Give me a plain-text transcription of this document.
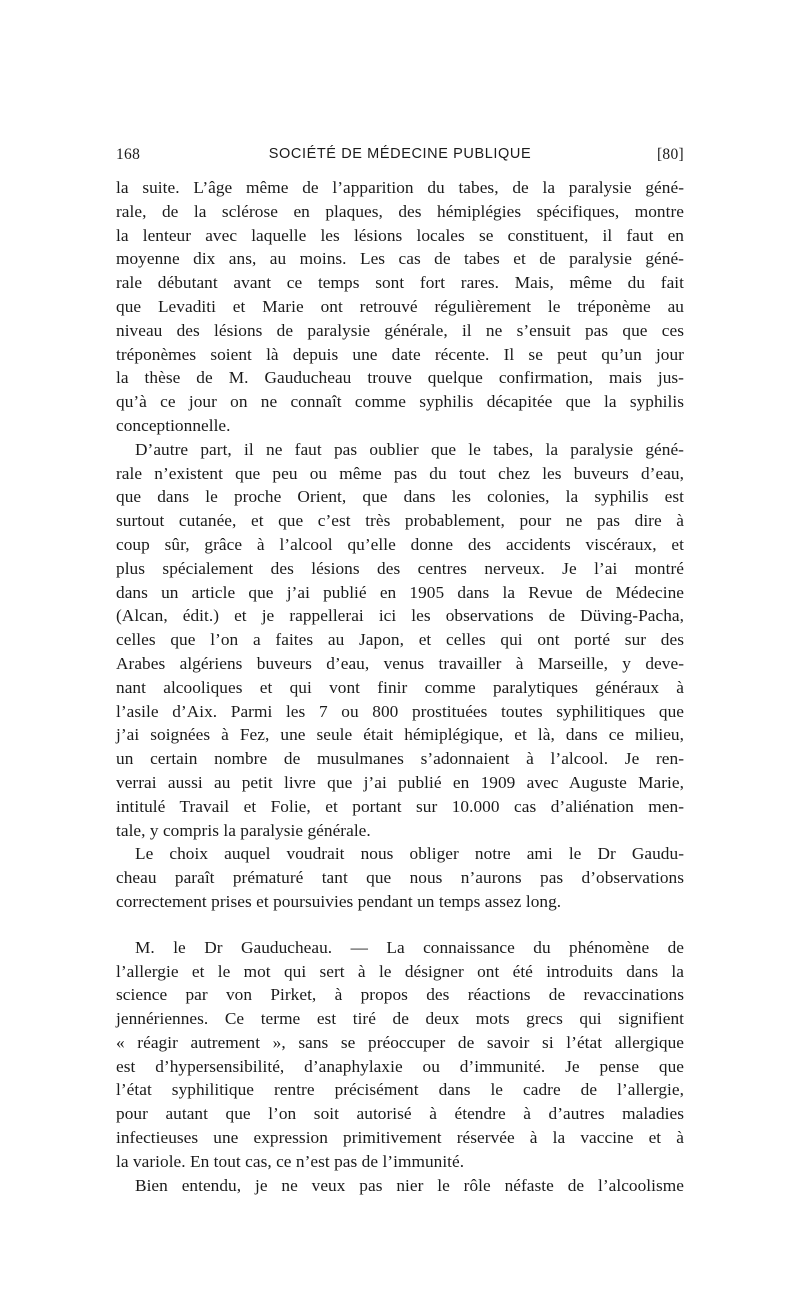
168	SOCIÉTÉ DE MÉDECINE PUBLIQUE	[80]

la suite. L’âge même de l’apparition du tabes, de la paralysie géné-
rale, de la sclérose en plaques, des hémiplégies spécifiques, montre
la lenteur avec laquelle les lésions locales se constituent, il faut en
moyenne dix ans, au moins. Les cas de tabes et de paralysie géné-
rale débutant avant ce temps sont fort rares. Mais, même du fait
que Levaditi et Marie ont retrouvé régulièrement le tréponème au
niveau des lésions de paralysie générale, il ne s’ensuit pas que ces
tréponèmes soient là depuis une date récente. Il se peut qu’un jour
la thèse de M. Gauducheau trouve quelque confirmation, mais jus-
qu’à ce jour on ne connaît comme syphilis décapitée que la syphilis
conceptionnelle.

D’autre part, il ne faut pas oublier que le tabes, la paralysie géné-
rale n’existent que peu ou même pas du tout chez les buveurs d’eau,
que dans le proche Orient, que dans les colonies, la syphilis est
surtout cutanée, et que c’est très probablement, pour ne pas dire à
coup sûr, grâce à l’alcool qu’elle donne des accidents viscéraux, et
plus spécialement des lésions des centres nerveux. Je l’ai montré
dans un article que j’ai publié en 1905 dans la Revue de Médecine
(Alcan, édit.) et je rappellerai ici les observations de Düving-Pacha,
celles que l’on a faites au Japon, et celles qui ont porté sur des
Arabes algériens buveurs d’eau, venus travailler à Marseille, y deve-
nant alcooliques et qui vont finir comme paralytiques généraux à
l’asile d’Aix. Parmi les 7 ou 800 prostituées toutes syphilitiques que
j’ai soignées à Fez, une seule était hémiplégique, et là, dans ce milieu,
un certain nombre de musulmanes s’adonnaient à l’alcool. Je ren-
verrai aussi au petit livre que j’ai publié en 1909 avec Auguste Marie,
intitulé Travail et Folie, et portant sur 10.000 cas d’aliénation men-
tale, y compris la paralysie générale.

Le choix auquel voudrait nous obliger notre ami le Dr Gaudu-
cheau paraît prématuré tant que nous n’aurons pas d’observations
correctement prises et poursuivies pendant un temps assez long.

M. le Dr Gauducheau. — La connaissance du phénomène de
l’allergie et le mot qui sert à le désigner ont été introduits dans la
science par von Pirket, à propos des réactions de revaccinations
jennériennes. Ce terme est tiré de deux mots grecs qui signifient
« réagir autrement », sans se préoccuper de savoir si l’état allergique
est d’hypersensibilité, d’anaphylaxie ou d’immunité. Je pense que
l’état syphilitique rentre précisément dans le cadre de l’allergie,
pour autant que l’on soit autorisé à étendre à d’autres maladies
infectieuses une expression primitivement réservée à la vaccine et à
la variole. En tout cas, ce n’est pas de l’immunité.

Bien entendu, je ne veux pas nier le rôle néfaste de l’alcoolisme
